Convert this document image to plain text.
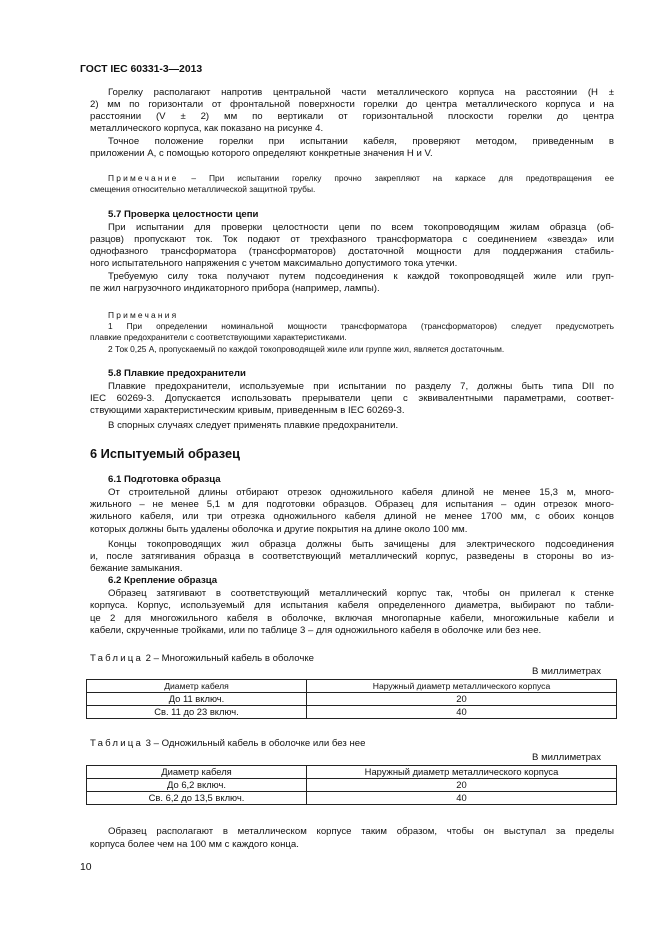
ГОСТ IEC 60331-3—2013
Горелку располагают напротив центральной части металлического корпуса на расстоянии (H ±
2) мм по горизонтали от фронтальной поверхности горелки до центра металлического корпуса и на
расстоянии (V ± 2) мм по вертикали от горизонтальной плоскости горелки до центра
металлического корпуса, как показано на рисунке 4.
Точное положение горелки при испытании кабеля, проверяют методом, приведенным в
приложении А, с помощью которого определяют конкретные значения H и V.
Примечание – При испытании горелку прочно закрепляют на каркасе для предотвращения ее
смещения относительно металлической защитной трубы.
5.7 Проверка целостности цепи
При испытании для проверки целостности цепи по всем токопроводящим жилам образца (об-
разцов) пропускают ток. Ток подают от трехфазного трансформатора с соединением «звезда» или
однофазного трансформатора (трансформаторов) достаточной мощности для поддержания стабиль-
ного испытательного напряжения с учетом максимально допустимого тока утечки.
Требуемую силу тока получают путем подсоединения к каждой токопроводящей жиле или груп-
пе жил нагрузочного индикаторного прибора (например, лампы).
Примечания
1 При определении номинальной мощности трансформатора (трансформаторов) следует предусмотреть
плавкие предохранители с соответствующими характеристиками.
2 Ток 0,25 А, пропускаемый по каждой токопроводящей жиле или группе жил, является достаточным.
5.8 Плавкие предохранители
Плавкие предохранители, используемые при испытании по разделу 7, должны быть типа DII по
IEC 60269-3. Допускается использовать прерыватели цепи с эквивалентными параметрами, соответ-
ствующими характеристическим кривым, приведенным в IEC 60269-3.
В спорных случаях следует применять плавкие предохранители.
6 Испытуемый образец
6.1 Подготовка образца
От строительной длины отбирают отрезок одножильного кабеля длиной не менее 15,3 м, много-
жильного – не менее 5,1 м для подготовки образцов. Образец для испытания – один отрезок много-
жильного кабеля, или три отрезка одножильного кабеля длиной не менее 1700 мм, с обоих концов
которых должны быть удалены оболочка и другие покрытия на длине около 100 мм.
Концы токопроводящих жил образца должны быть зачищены для электрического подсоединения
и, после затягивания образца в соответствующий металлический корпус, разведены в стороны во из-
бежание замыкания.
6.2 Крепление образца
Образец затягивают в соответствующий металлический корпус так, чтобы он прилегал к стенке
корпуса. Корпус, используемый для испытания кабеля определенного диаметра, выбирают по табли-
це 2 для многожильного кабеля в оболочке, включая многопарные кабели, многожильные кабели и
кабели, скрученные тройками, или по таблице 3 – для одножильного кабеля в оболочке или без нее.
Таблица 2 – Многожильный кабель в оболочке
В миллиметрах
Диаметр кабеля	Наружный диаметр металлического корпуса
До 11 включ.	20
Св. 11 до 23 включ.	40
Таблица 3 – Одножильный кабель в оболочке или без нее
В миллиметрах
Диаметр кабеля	Наружный диаметр металлического корпуса
До 6,2 включ.	20
Св. 6,2 до 13,5 включ.	40
Образец располагают в металлическом корпусе таким образом, чтобы он выступал за пределы
корпуса более чем на 100 мм с каждого конца.
10
